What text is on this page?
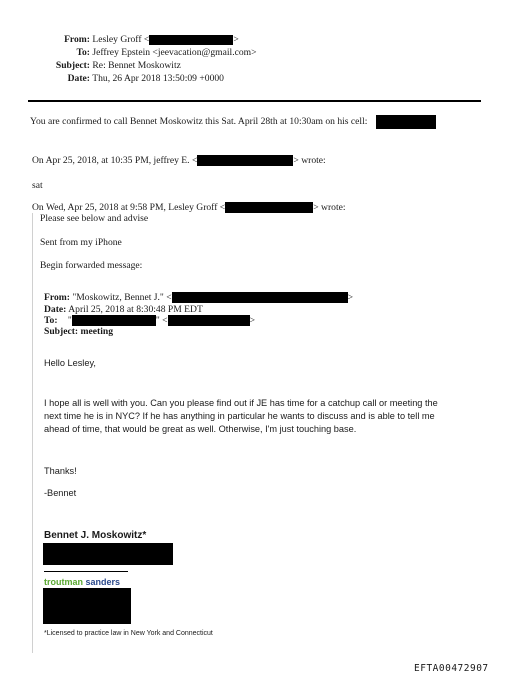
From: Lesley Groff <	>
To: Jeffrey Epstein <jeevacation@gmail.com>
Subject: Re: Bennet Moskowitz
Date: Thu, 26 Apr 2018 13:50:09 +0000
You are confirmed to call Bennet Moskowitz this Sat. April 28th at 10:30am on his cell:
On Apr 25, 2018, at 10:35 PM, jeffrey E. <	> wrote:
sat
On Wed, Apr 25, 2018 at 9:58 PM, Lesley Groff <	> wrote:
Please see below and advise
Sent from my iPhone
Begin forwarded message:
From: "Moskowitz, Bennet J." <	>
Date: April 25, 2018 at 8:30:48 PM EDT
To: "	" <	>
Subject: meeting
Hello Lesley,
I hope all is well with you. Can you please find out if JE has time for a catchup call or meeting the
next time he is in NYC? If he has anything in particular he wants to discuss and is able to tell me
ahead of time, that would be great as well. Otherwise, I'm just touching base.
Thanks!
-Bennet
Bennet J. Moskowitz*
troutman sanders
*Licensed to practice law in New York and Connecticut
EFTA00472907
